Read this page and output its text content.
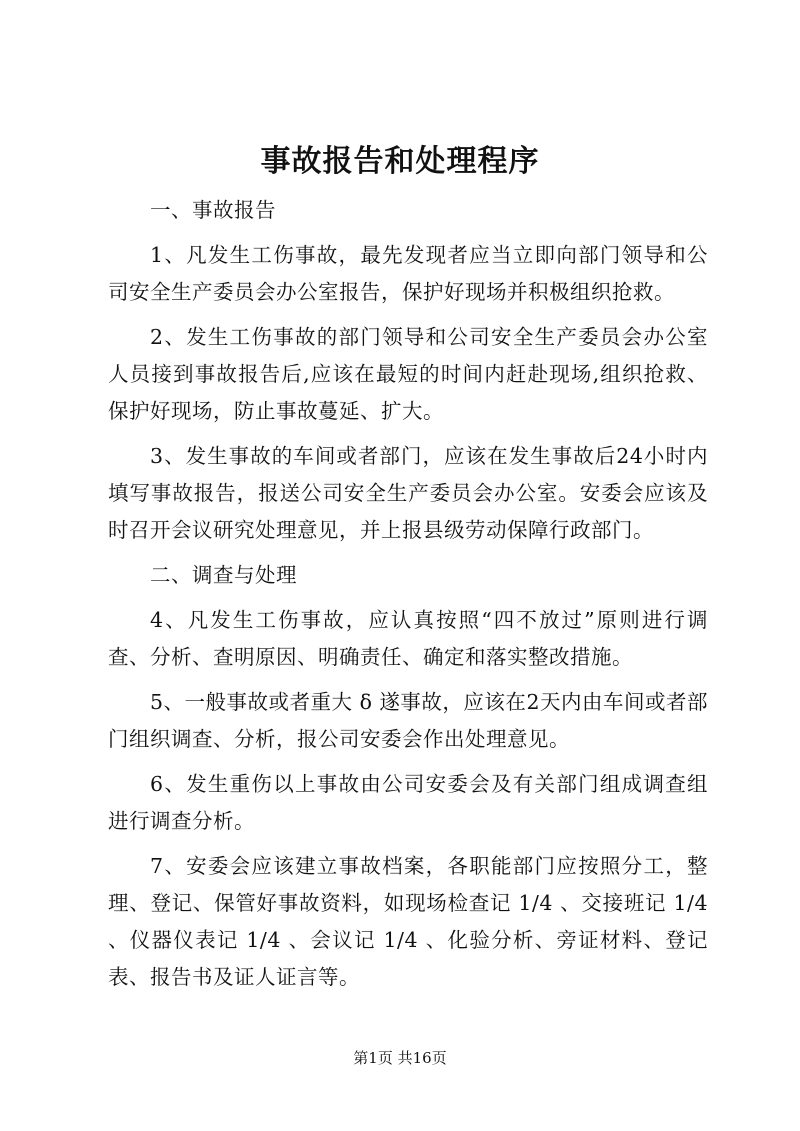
事故报告和处理程序

一、事故报告

1、凡发生工伤事故，最先发现者应当立即向部门领导和公司安全生产委员会办公室报告，保护好现场并积极组织抢救。

2、发生工伤事故的部门领导和公司安全生产委员会办公室人员接到事故报告后,应该在最短的时间内赶赴现场,组织抢救、保护好现场，防止事故蔓延、扩大。

3、发生事故的车间或者部门，应该在发生事故后24小时内填写事故报告，报送公司安全生产委员会办公室。安委会应该及时召开会议研究处理意见，并上报县级劳动保障行政部门。

二、调查与处理

4、凡发生工伤事故，应认真按照“四不放过”原则进行调查、分析、查明原因、明确责任、确定和落实整改措施。

5、一般事故或者重大 δ 遂事故，应该在2天内由车间或者部门组织调查、分析，报公司安委会作出处理意见。

6、发生重伤以上事故由公司安委会及有关部门组成调查组进行调查分析。

7、安委会应该建立事故档案，各职能部门应按照分工，整理、登记、保管好事故资料，如现场检查记 1/4 、交接班记 1/4 、仪器仪表记 1/4 、会议记 1/4 、化验分析、旁证材料、登记表、报告书及证人证言等。

第1页 共16页
